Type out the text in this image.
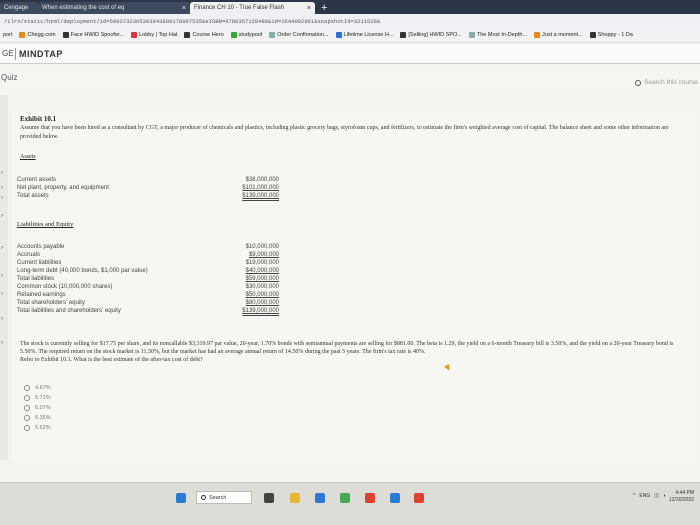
Cengage When estimating the cost of eq	× Finance CH 10 - True False Flash	× +
/ilrn/static/html/deployment/id=5903732365303843809178097535&eISBN=9780357128480&id=1644092961&snapshotId=3211528&
port	Chegg.com	Face HWID Spoofer...	Lobby | Top Hat	Course Hero	studypool	Order Confirmation...	Lifetime License H...	[Selling] HWID SPO...	The Most In-Depth...	Just a moment...	Shoppy - 1 Da
GE MINDTAP
Quiz
Search this course
›
›
›
›
›
›
›
›
›
Exhibit 10.1
Assume that you have been hired as a consultant by CGT, a major producer of chemicals and plastics, including plastic grocery bags, styrofoam cups, and fertilizers, to estimate the firm's weighted average cost of capital. The balance sheet and some other information are provided below.
Assets
Current assets	$38,000,000
Net plant, property, and equipment	$101,000,000
Total assets	$139,000,000
Liabilities and Equity
Accounts payable	$10,000,000
Accruals	$9,000,000
Current liabilities	$19,000,000
Long-term debt (40,000 bonds, $1,000 par value)	$40,000,000
Total liabilities	$59,000,000
Common stock (10,000,000 shares)	$30,000,000
Retained earnings	$50,000,000
Total shareholders' equity	$80,000,000
Total liabilities and shareholders' equity	$139,000,000

The stock is currently selling for $17.75 per share, and its noncallable $3,319.97 par value, 20-year, 1.70% bonds with semiannual payments are selling for $881.00. The beta is 1.29, the yield on a 6-month Treasury bill is 3.50%, and the yield on a 20-year Treasury bond is 5.50%. The required return on the stock market is 11.50%, but the market has had an average annual return of 14.50% during the past 5 years. The firm's tax rate is 40%.

Refer to Exhibit 10.1. What is the best estimate of the after-tax cost of debt?

4.67%
5.71%
6.07%
6.35%
5.62%
Search	^ ENG ◫ ◖	4:44 PM
12/30/2022
